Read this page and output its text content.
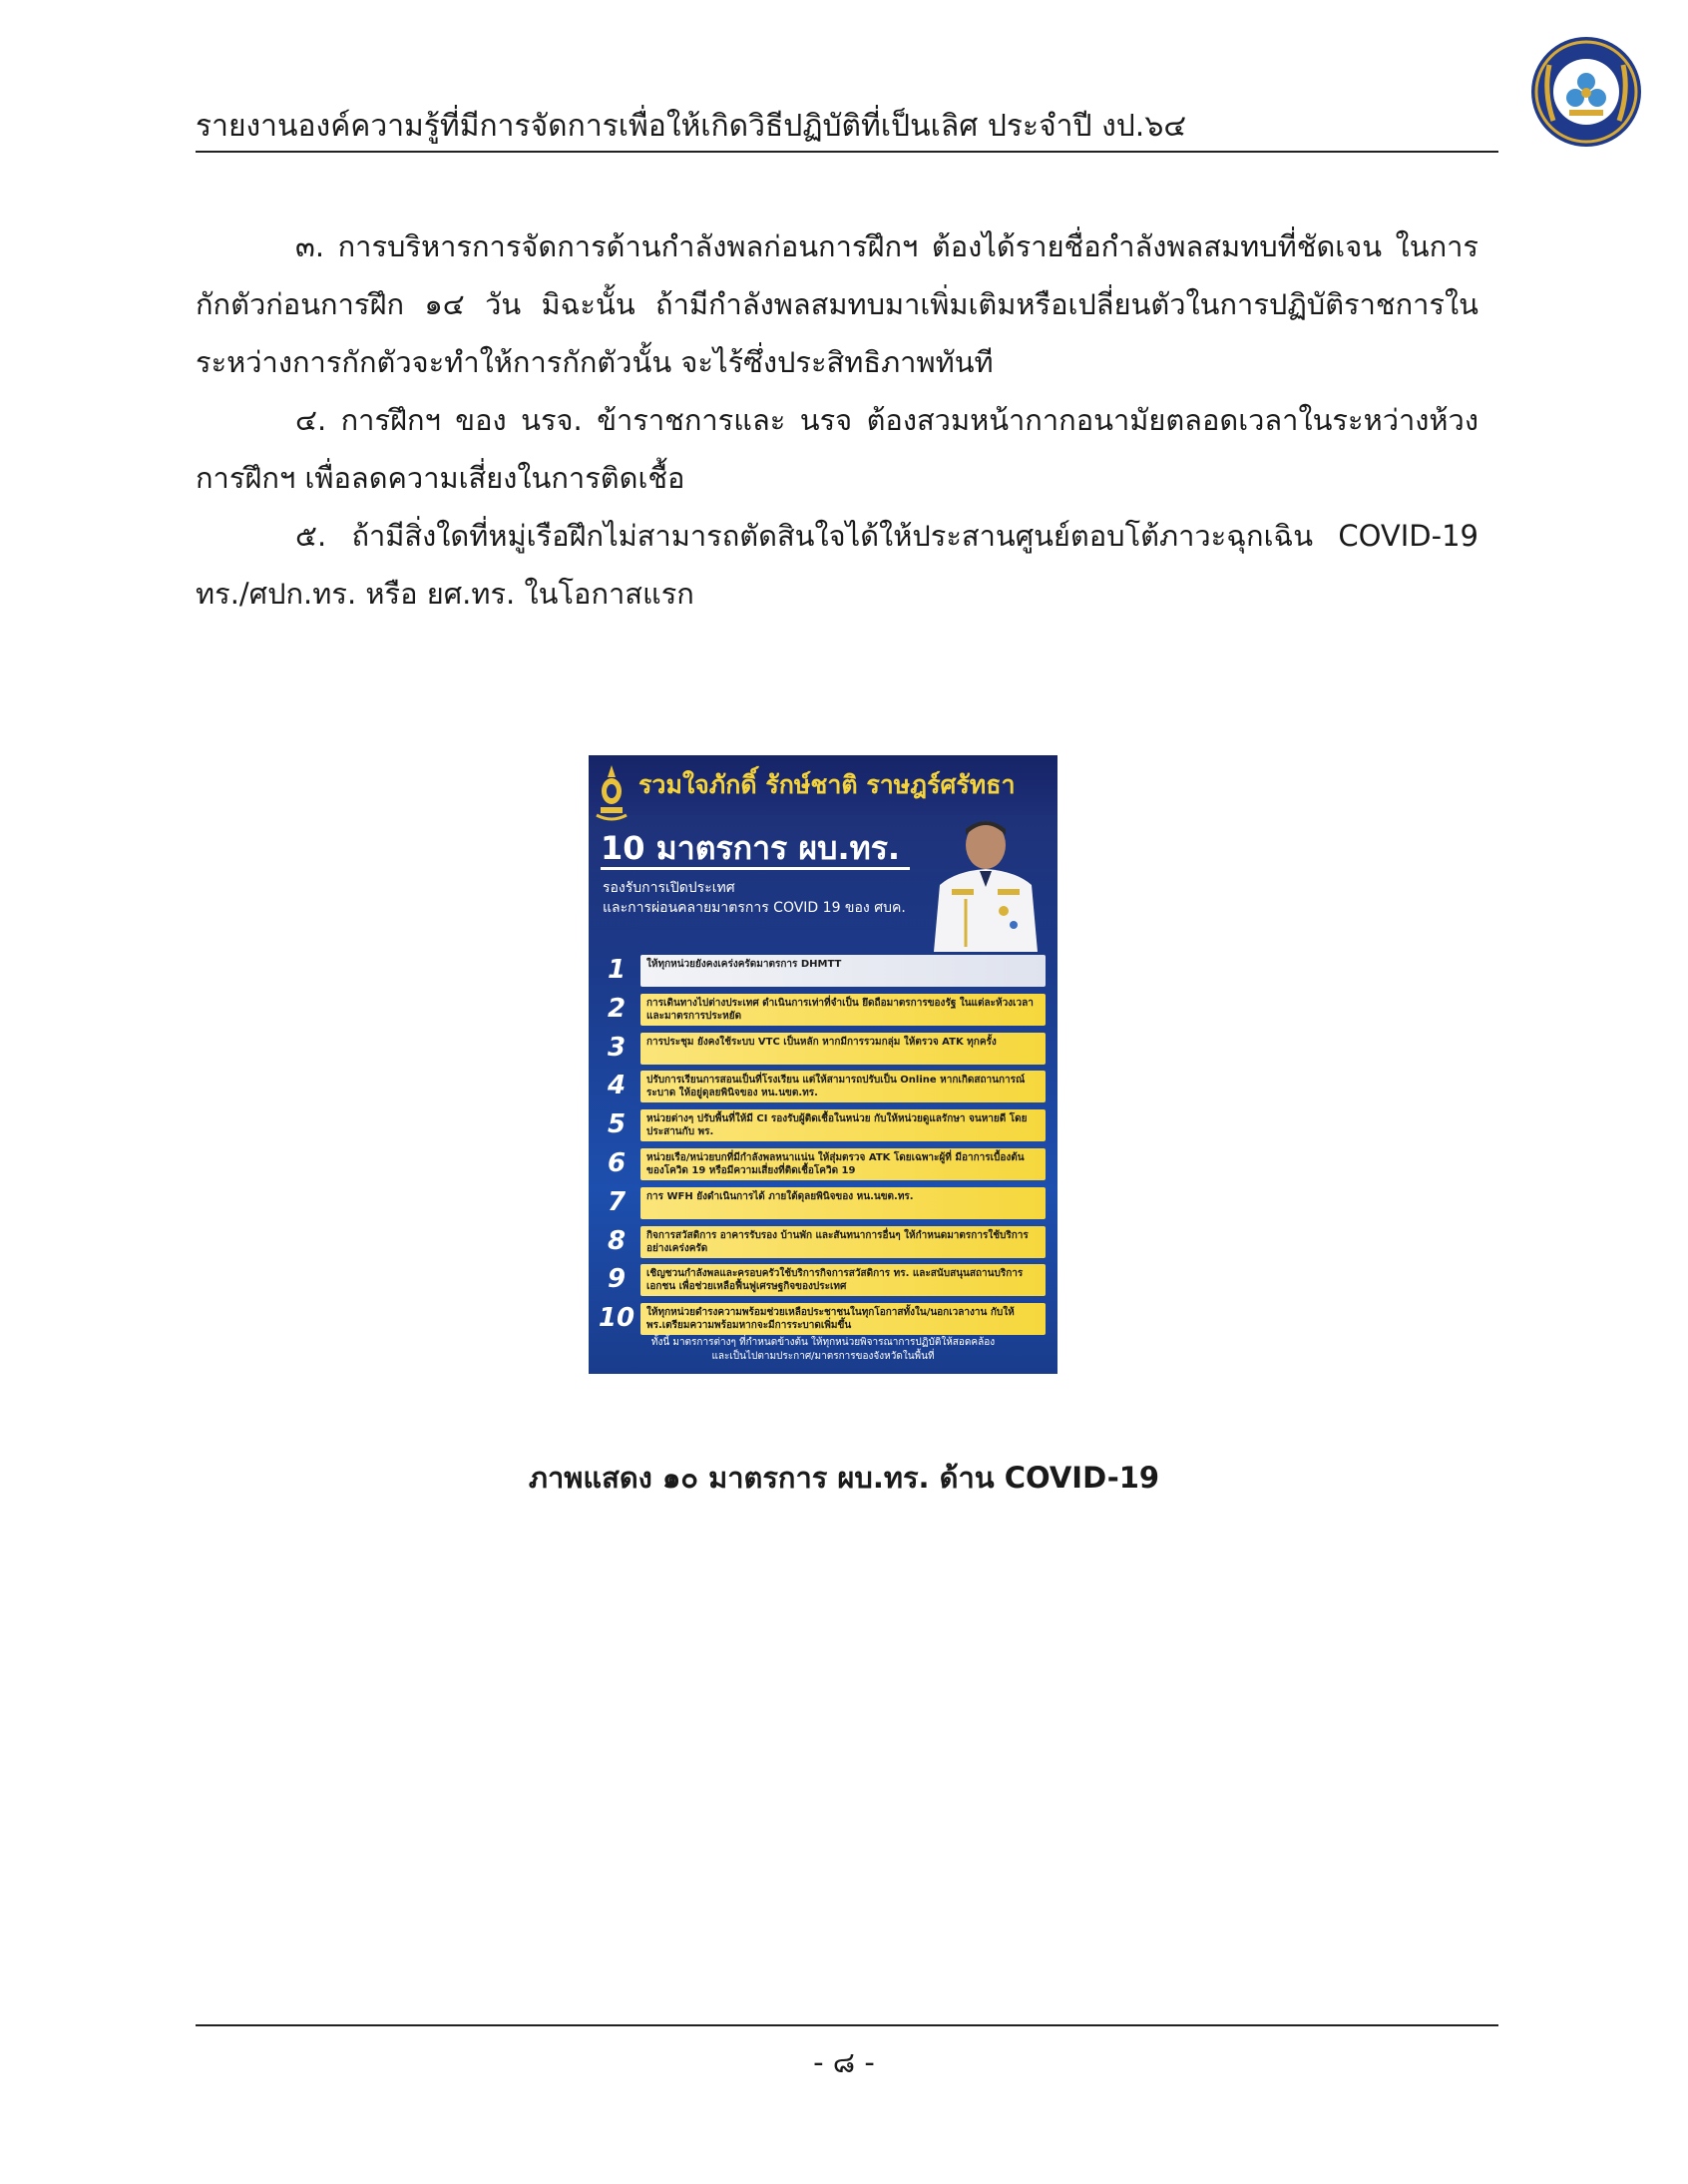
รายงานองค์ความรู้ที่มีการจัดการเพื่อให้เกิดวิธีปฏิบัติที่เป็นเลิศ ประจำปี งป.๖๔

๓. การบริหารการจัดการด้านกำลังพลก่อนการฝึกฯ ต้องได้รายชื่อกำลังพลสมทบที่ชัดเจน ในการกักตัวก่อนการฝึก ๑๔ วัน มิฉะนั้น ถ้ามีกำลังพลสมทบมาเพิ่มเติมหรือเปลี่ยนตัวในการปฏิบัติราชการในระหว่างการกักตัวจะทำให้การกักตัวนั้น จะไร้ซึ่งประสิทธิภาพทันที

๔. การฝึกฯ ของ นรจ. ข้าราชการและ นรจ ต้องสวมหน้ากากอนามัยตลอดเวลาในระหว่างห้วงการฝึกฯ เพื่อลดความเสี่ยงในการติดเชื้อ

๕. ถ้ามีสิ่งใดที่หมู่เรือฝึกไม่สามารถตัดสินใจได้ให้ประสานศูนย์ตอบโต้ภาวะฉุกเฉิน COVID-19 ทร./ศปก.ทร. หรือ ยศ.ทร. ในโอกาสแรก

รวมใจภักดิ์ รักษ์ชาติ ราษฎร์ศรัทธา
10 มาตรการ ผบ.ทร.
รองรับการเปิดประเทศ
และการผ่อนคลายมาตรการ COVID 19 ของ ศบค.
1	ให้ทุกหน่วยยังคงเคร่งครัดมาตรการ DHMTT
2	การเดินทางไปต่างประเทศ ดำเนินการเท่าที่จำเป็น ยึดถือมาตรการของรัฐ ในแต่ละห้วงเวลา และมาตรการประหยัด
3	การประชุม ยังคงใช้ระบบ VTC เป็นหลัก หากมีการรวมกลุ่ม ให้ตรวจ ATK ทุกครั้ง
4	ปรับการเรียนการสอนเป็นที่โรงเรียน แต่ให้สามารถปรับเป็น Online หากเกิดสถานการณ์ระบาด ให้อยู่ดุลยพินิจของ หน.นขต.ทร.
5	หน่วยต่างๆ ปรับพื้นที่ให้มี CI รองรับผู้ติดเชื้อในหน่วย กับให้หน่วยดูแลรักษา จนหายดี โดยประสานกับ พร.
6	หน่วยเรือ/หน่วยบกที่มีกำลังพลหนาแน่น ให้สุ่มตรวจ ATK โดยเฉพาะผู้ที่ มีอาการเบื้องต้นของโควิด 19 หรือมีความเสี่ยงที่ติดเชื้อโควิด 19
7	การ WFH ยังดำเนินการได้ ภายใต้ดุลยพินิจของ หน.นขต.ทร.
8	กิจการสวัสดิการ อาคารรับรอง บ้านพัก และสันทนาการอื่นๆ ให้กำหนดมาตรการใช้บริการอย่างเคร่งครัด
9	เชิญชวนกำลังพลและครอบครัวใช้บริการกิจการสวัสดิการ ทร. และสนับสนุนสถานบริการเอกชน เพื่อช่วยเหลือฟื้นฟูเศรษฐกิจของประเทศ
10	ให้ทุกหน่วยดำรงความพร้อมช่วยเหลือประชาชนในทุกโอกาสทั้งใน/นอกเวลางาน กับให้ พร.เตรียมความพร้อมหากจะมีการระบาดเพิ่มขึ้น
ทั้งนี้ มาตรการต่างๆ ที่กำหนดข้างต้น ให้ทุกหน่วยพิจารณาการปฏิบัติให้สอดคล้อง
และเป็นไปตามประกาศ/มาตรการของจังหวัดในพื้นที่
ภาพแสดง ๑๐ มาตรการ ผบ.ทร. ด้าน COVID-19
- ๘ -
